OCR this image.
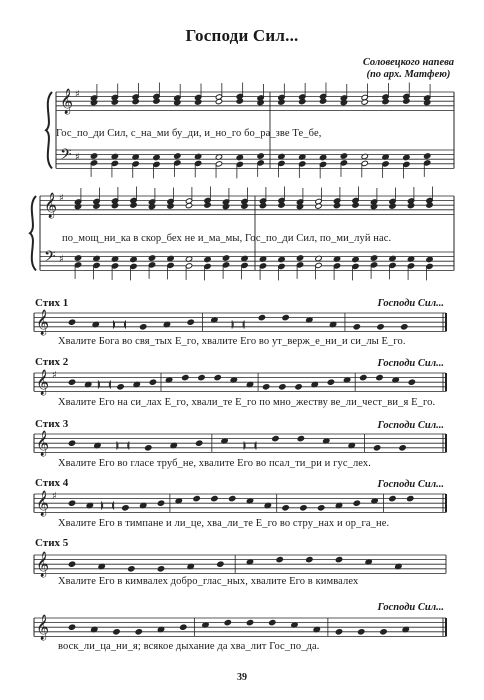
Господи Сил...
Соловецкого напева
(по арх. Матфею)
𝄞
𝄢
♯
♯
𝄞
𝄢
♯
♯
𝄞
𝄞 ♯
𝄞
𝄞 ♯
𝄞
𝄞
Гос_по_ди Сил, с_на_ми бу_ди, и_но_го бо_ра_зве Те_бе,
по_мощ_ни_ка в скор_бех не и_ма_мы, Гос_по_ди Сил, по_ми_луй нас.
Стих 1	Господи Сил...
Хвалите Бога во свя_тых Е_го, хвалите Его во ут_верж_е_ни_и си_лы Е_го.
Стих 2	Господи Сил...
Хвалите Его на си_лах Е_го, хвали_те Е_го по мно_жеству ве_ли_чест_ви_я Е_го.
Стих 3	Господи Сил...
Хвалите Его во гласе труб_не, хвалите Его во псал_ти_ри и гус_лех.
Стих 4	Господи Сил...
Хвалите Его в тимпане и ли_це, хва_ли_те Е_го во стру_нах и ор_га_не.
Стих 5
Хвалите Его в кимвалех добро_глас_ных, хвалите Его в кимвалех
Господи Сил...
воск_ли_ца_ни_я; всякое дыхание да хва_лит Гос_по_да.
39
